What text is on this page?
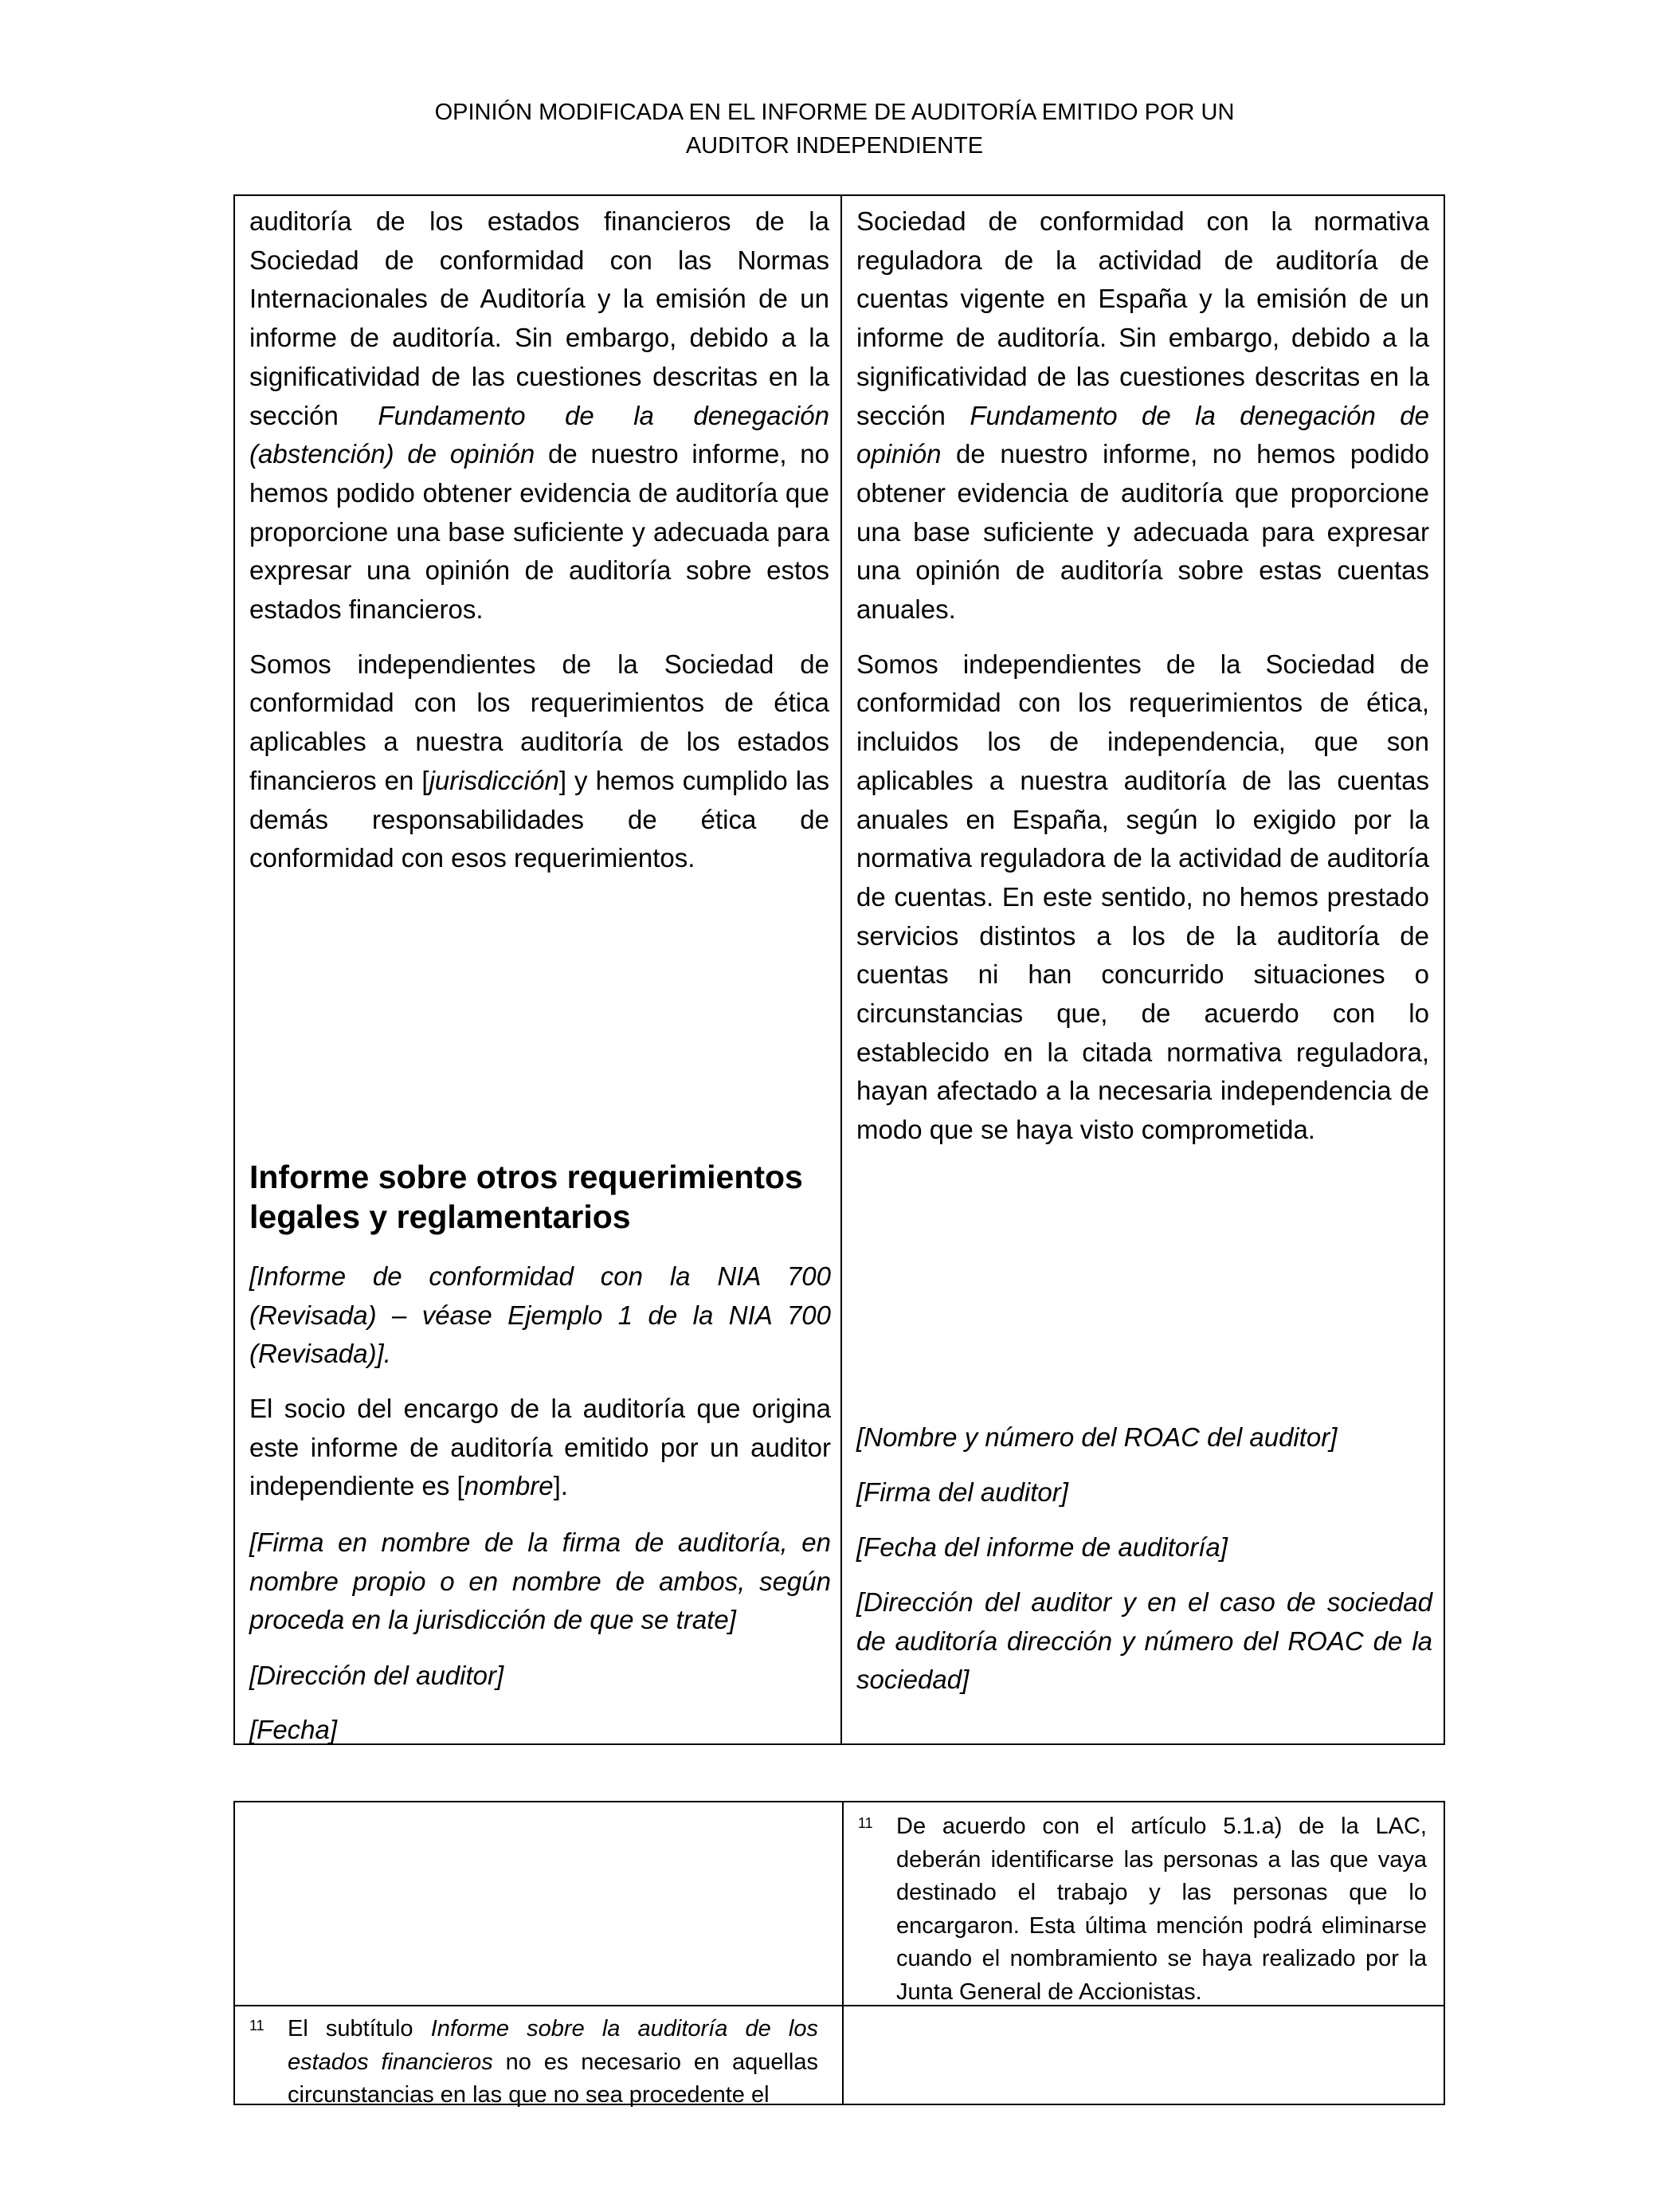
OPINIÓN MODIFICADA EN EL INFORME DE AUDITORÍA EMITIDO POR UN
AUDITOR INDEPENDIENTE

auditoría de los estados financieros de la Sociedad de conformidad con las Normas Internacionales de Auditoría y la emisión de un informe de auditoría. Sin embargo, debido a la significatividad de las cuestiones descritas en la sección Fundamento de la denegación (abstención) de opinión de nuestro informe, no hemos podido obtener evidencia de auditoría que proporcione una base suficiente y adecuada para expresar una opinión de auditoría sobre estos estados financieros.

Somos independientes de la Sociedad de conformidad con los requerimientos de ética aplicables a nuestra auditoría de los estados financieros en [jurisdicción] y hemos cumplido las demás responsabilidades de ética de conformidad con esos requerimientos.

Informe sobre otros requerimientos legales y reglamentarios

[Informe de conformidad con la NIA 700 (Revisada) – véase Ejemplo 1 de la NIA 700 (Revisada)].

El socio del encargo de la auditoría que origina este informe de auditoría emitido por un auditor independiente es [nombre].

[Firma en nombre de la firma de auditoría, en nombre propio o en nombre de ambos, según proceda en la jurisdicción de que se trate]

[Dirección del auditor]

[Fecha]

Sociedad de conformidad con la normativa reguladora de la actividad de auditoría de cuentas vigente en España y la emisión de un informe de auditoría. Sin embargo, debido a la significatividad de las cuestiones descritas en la sección Fundamento de la denegación de opinión de nuestro informe, no hemos podido obtener evidencia de auditoría que proporcione una base suficiente y adecuada para expresar una opinión de auditoría sobre estas cuentas anuales.

Somos independientes de la Sociedad de conformidad con los requerimientos de ética, incluidos los de independencia, que son aplicables a nuestra auditoría de las cuentas anuales en España, según lo exigido por la normativa reguladora de la actividad de auditoría de cuentas. En este sentido, no hemos prestado servicios distintos a los de la auditoría de cuentas ni han concurrido situaciones o circunstancias que, de acuerdo con lo establecido en la citada normativa reguladora, hayan afectado a la necesaria independencia de modo que se haya visto comprometida.

[Nombre y número del ROAC del auditor]

[Firma del auditor]

[Fecha del informe de auditoría]

[Dirección del auditor y en el caso de sociedad de auditoría dirección y número del ROAC de la sociedad]

11 De acuerdo con el artículo 5.1.a) de la LAC, deberán identificarse las personas a las que vaya destinado el trabajo y las personas que lo encargaron. Esta última mención podrá eliminarse cuando el nombramiento se haya realizado por la Junta General de Accionistas.
11 El subtítulo Informe sobre la auditoría de los estados financieros no es necesario en aquellas circunstancias en las que no sea procedente el
